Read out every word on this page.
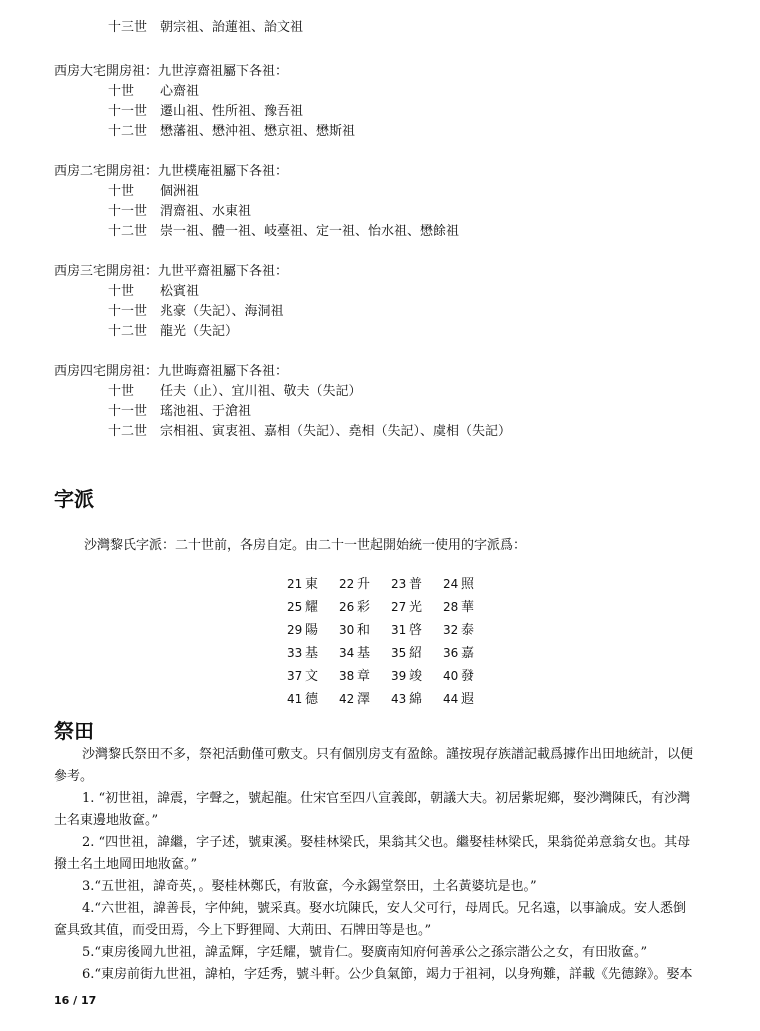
十三世 朝宗祖、詒蓮祖、詒文祖
西房大宅開房祖：九世淳齋祖屬下各祖：
十世 心齋祖
十一世 遷山祖、性所祖、豫吾祖
十二世 懋藩祖、懋沖祖、懋京祖、懋斯祖
西房二宅開房祖：九世樸庵祖屬下各祖：
十世 個洲祖
十一世 渭齋祖、水東祖
十二世 崇一祖、體一祖、岐臺祖、定一祖、怡水祖、懋餘祖
西房三宅開房祖：九世平齋祖屬下各祖：
十世 松賓祖
十一世 兆豪（失記）、海洞祖
十二世 龍光（失記）
西房四宅開房祖：九世晦齋祖屬下各祖：
十世 任夫（止）、宜川祖、敬夫（失記）
十一世 瑤池祖、于滄祖
十二世 宗相祖、寅衷祖、嘉相（失記）、堯相（失記）、虞相（失記）
字派
沙灣黎氏字派：二十世前，各房自定。由二十一世起開始統一使用的字派爲：
21 東	22 升	23 普	24 照
25 耀	26 彩	27 光	28 華
29 陽	30 和	31 啓	32 泰
33 基	34 基	35 紹	36 嘉
37 文	38 章	39 竣	40 發
41 德	42 澤	43 綿	44 遐
祭田
沙灣黎氏祭田不多，祭祀活動僅可敷支。只有個別房支有盈餘。謹按現存族譜記載爲據作出田地統計，以便
參考。
1. “初世祖，諱震，字聲之，號起龍。仕宋官至四八宣義郎，朝議大夫。初居紫坭鄉，娶沙灣陳氏，有沙灣
土名東邊地妝奩。”
2. “四世祖，諱繼，字子述，號東溪。娶桂林梁氏，果翁其父也。繼娶桂林梁氏，果翁從弟意翁女也。其母
撥土名土地岡田地妝奩。”
3.“五世祖，諱奇英，。娶桂林鄭氏，有妝奩，今永錫堂祭田，土名黃婆坑是也。”
4.“六世祖，諱善長，字仲純，號采真。娶水坑陳氏，安人父可行，母周氏。兄名遠，以事論成。安人悉倒
奩具致其值，而受田焉，今上下野狸岡、大荊田、石牌田等是也。”
5.“東房後岡九世祖，諱孟輝，字廷耀，號肯仁。娶廣南知府何善承公之孫宗諧公之女，有田妝奩。”
6.“東房前街九世祖，諱柏，字廷秀，號斗軒。公少負氣節，竭力于祖祠，以身殉難，詳載《先德錄》。娶本
16 / 17
